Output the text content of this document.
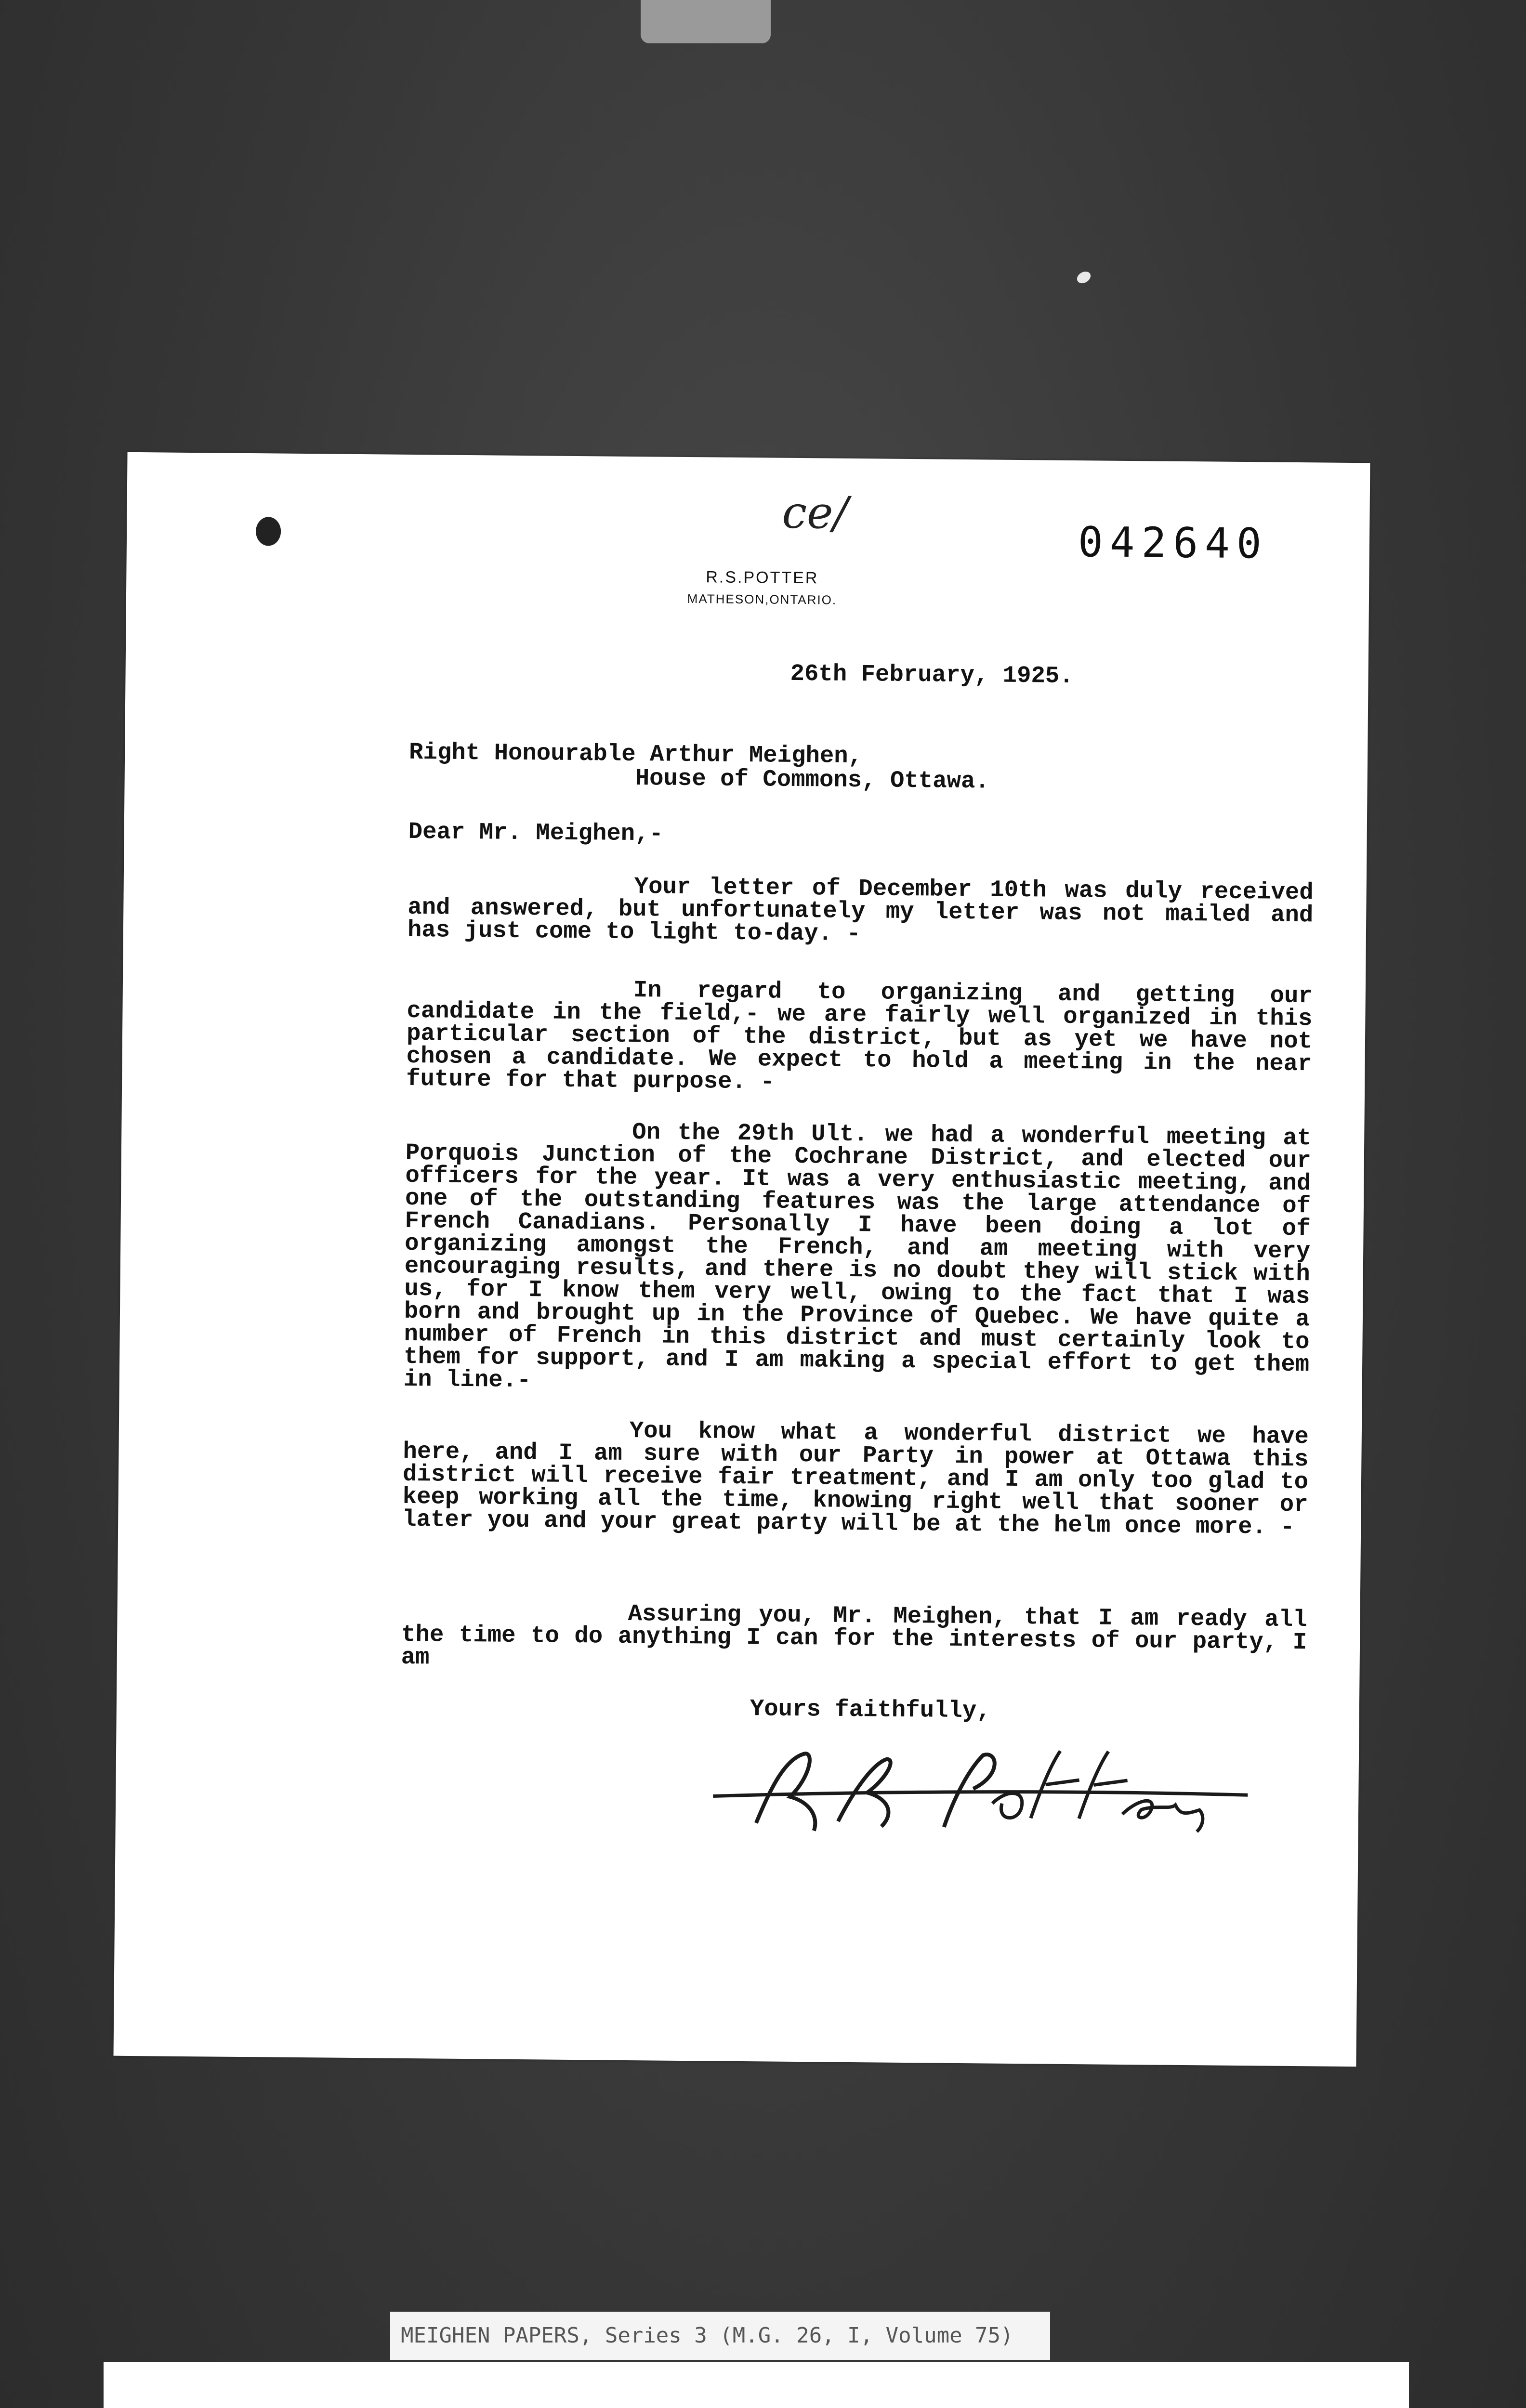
ce/
042640
R.S.POTTER
MATHESON,ONTARIO.
26th February, 1925.
Right Honourable Arthur Meighen,
House of Commons, Ottawa.
Dear Mr. Meighen,-
Your letter of December 10th was duly received and answered, but unfortunately my letter was not mailed and has just come to light to-day. -
In regard to organizing and getting our candidate in the field,- we are fairly well organized in this particular section of the district, but as yet we have not chosen a candidate. We expect to hold a meeting in the near future for that purpose. -
On the 29th Ult. we had a wonderful meeting at Porquois Junction of the Cochrane District, and elected our officers for the year. It was a very enthusiastic meeting, and one of the outstanding features was the large attendance of French Canadians. Personally I have been doing a lot of organizing amongst the French, and am meeting with very encouraging results, and there is no doubt they will stick with us, for I know them very well, owing to the fact that I was born and brought up in the Province of Quebec. We have quite a number of French in this district and must certainly look to them for support, and I am making a special effort to get them in line.-
You know what a wonderful district we have here, and I am sure with our Party in power at Ottawa this district will receive fair treatment, and I am only too glad to keep working all the time, knowing right well that sooner or later you and your great party will be at the helm once more. -
Assuring you, Mr. Meighen, that I am ready all the time to do anything I can for the interests of our party, I am
Yours faithfully,
MEIGHEN PAPERS, Series 3 (M.G. 26, I, Volume 75)
